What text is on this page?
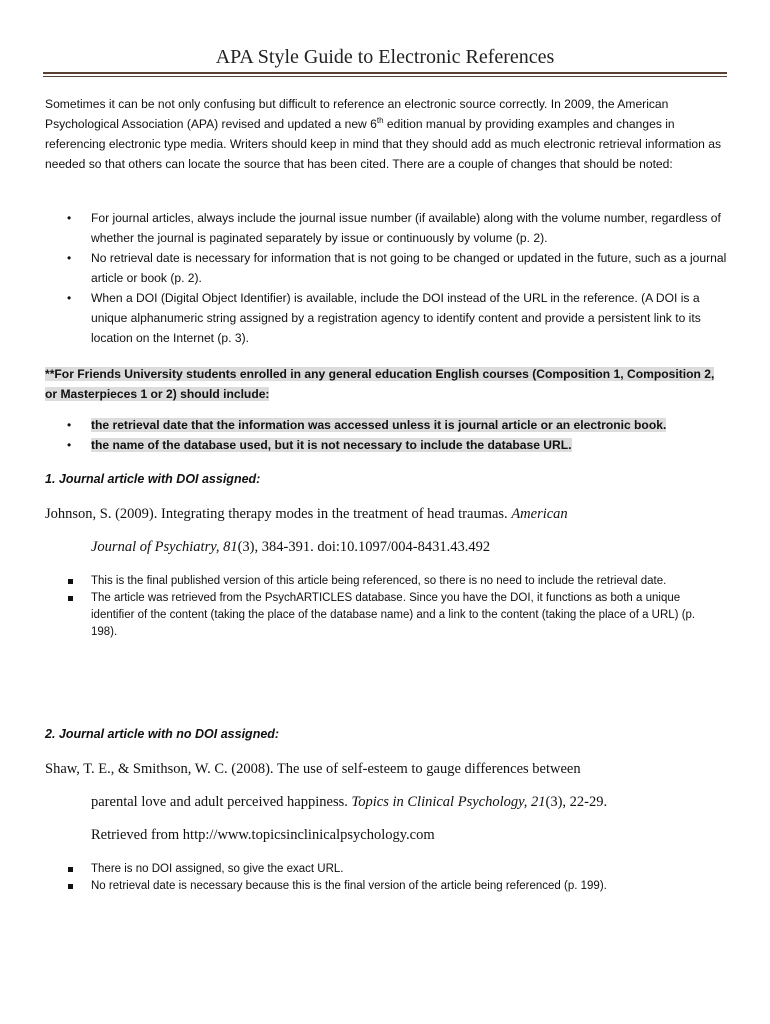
APA Style Guide to Electronic References
Sometimes it can be not only confusing but difficult to reference an electronic source correctly. In 2009, the American Psychological Association (APA) revised and updated a new 6th edition manual by providing examples and changes in referencing electronic type media. Writers should keep in mind that they should add as much electronic retrieval information as needed so that others can locate the source that has been cited. There are a couple of changes that should be noted:
• For journal articles, always include the journal issue number (if available) along with the volume number, regardless of whether the journal is paginated separately by issue or continuously by volume (p. 2).
• No retrieval date is necessary for information that is not going to be changed or updated in the future, such as a journal article or book (p. 2).
• When a DOI (Digital Object Identifier) is available, include the DOI instead of the URL in the reference. (A DOI is a unique alphanumeric string assigned by a registration agency to identify content and provide a persistent link to its location on the Internet (p. 3).
**For Friends University students enrolled in any general education English courses (Composition 1, Composition 2, or Masterpieces 1 or 2) should include:
• the retrieval date that the information was accessed unless it is journal article or an electronic book.
• the name of the database used, but it is not necessary to include the database URL.
1. Journal article with DOI assigned:
Johnson, S. (2009). Integrating therapy modes in the treatment of head traumas. American
Journal of Psychiatry, 81(3), 384-391. doi:10.1097/004-8431.43.492
This is the final published version of this article being referenced, so there is no need to include the retrieval date.
The article was retrieved from the PsychARTICLES database. Since you have the DOI, it functions as both a unique identifier of the content (taking the place of the database name) and a link to the content (taking the place of a URL) (p. 198).
2. Journal article with no DOI assigned:
Shaw, T. E., & Smithson, W. C. (2008). The use of self-esteem to gauge differences between
parental love and adult perceived happiness. Topics in Clinical Psychology, 21(3), 22-29.
Retrieved from http://www.topicsinclinicalpsychology.com
There is no DOI assigned, so give the exact URL.
No retrieval date is necessary because this is the final version of the article being referenced (p. 199).
